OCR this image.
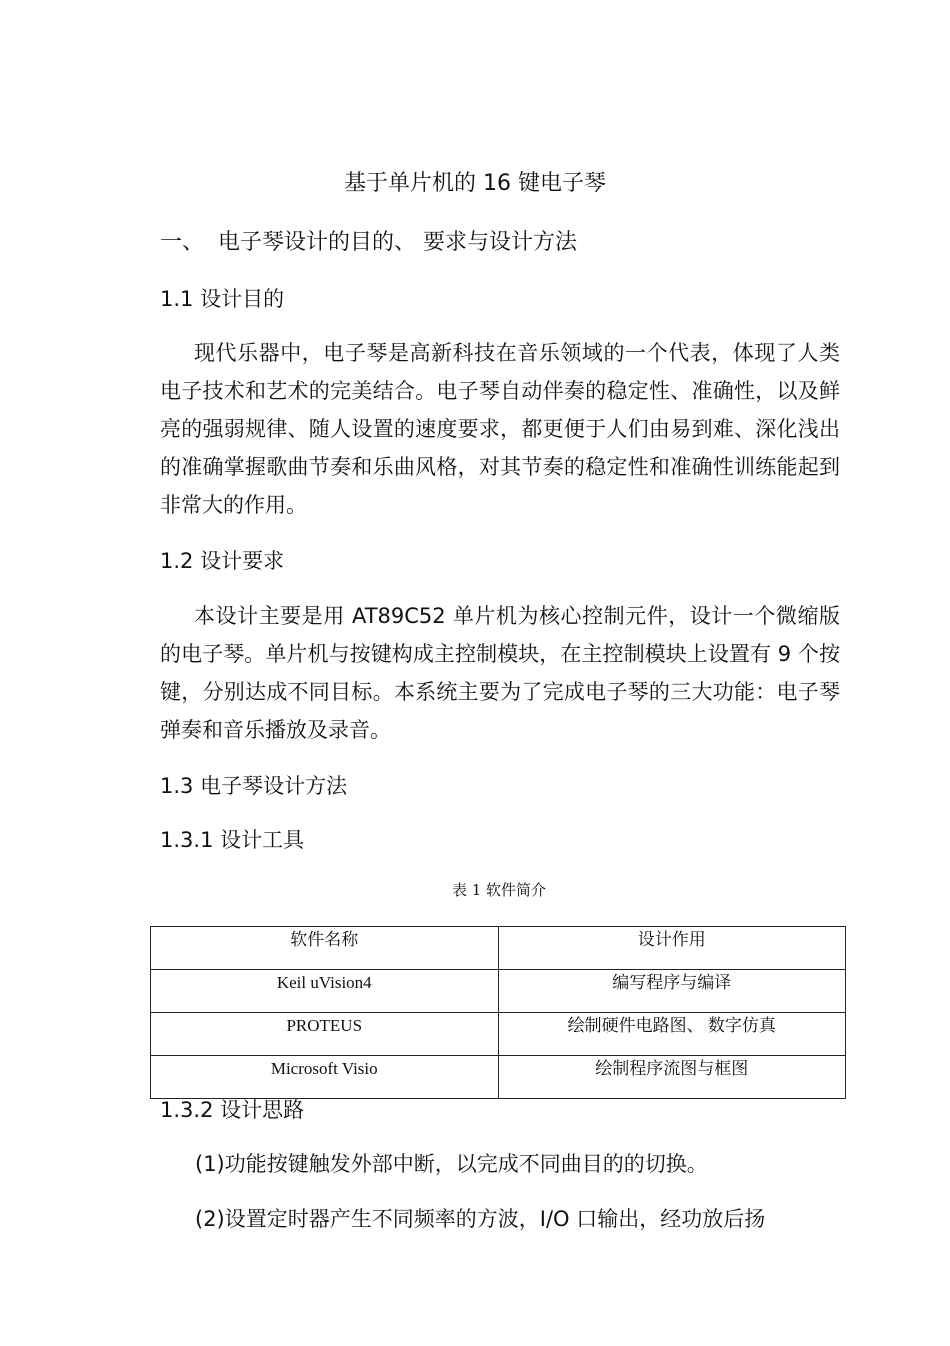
基于单片机的 16 键电子琴
一、 电子琴设计的目的、 要求与设计方法
1.1 设计目的

现代乐器中，电子琴是高新科技在音乐领域的一个代表，体现了人类电子技术和艺术的完美结合。电子琴自动伴奏的稳定性、准确性，以及鲜亮的强弱规律、随人设置的速度要求，都更便于人们由易到难、深化浅出的准确掌握歌曲节奏和乐曲风格，对其节奏的稳定性和准确性训练能起到非常大的作用。

1.2 设计要求

本设计主要是用 AT89C52 单片机为核心控制元件，设计一个微缩版的电子琴。单片机与按键构成主控制模块，在主控制模块上设置有 9 个按键，分别达成不同目标。本系统主要为了完成电子琴的三大功能：电子琴弹奏和音乐播放及录音。

1.3 电子琴设计方法
1.3.1 设计工具
表 1 软件简介
软件名称	设计作用

Keil uVision4	编写程序与编译

PROTEUS	绘制硬件电路图、 数字仿真

Microsoft Visio	绘制程序流图与框图
1.3.2 设计思路
(1)功能按键触发外部中断，以完成不同曲目的的切换。
(2)设置定时器产生不同频率的方波，I/O 口输出，经功放后扬
